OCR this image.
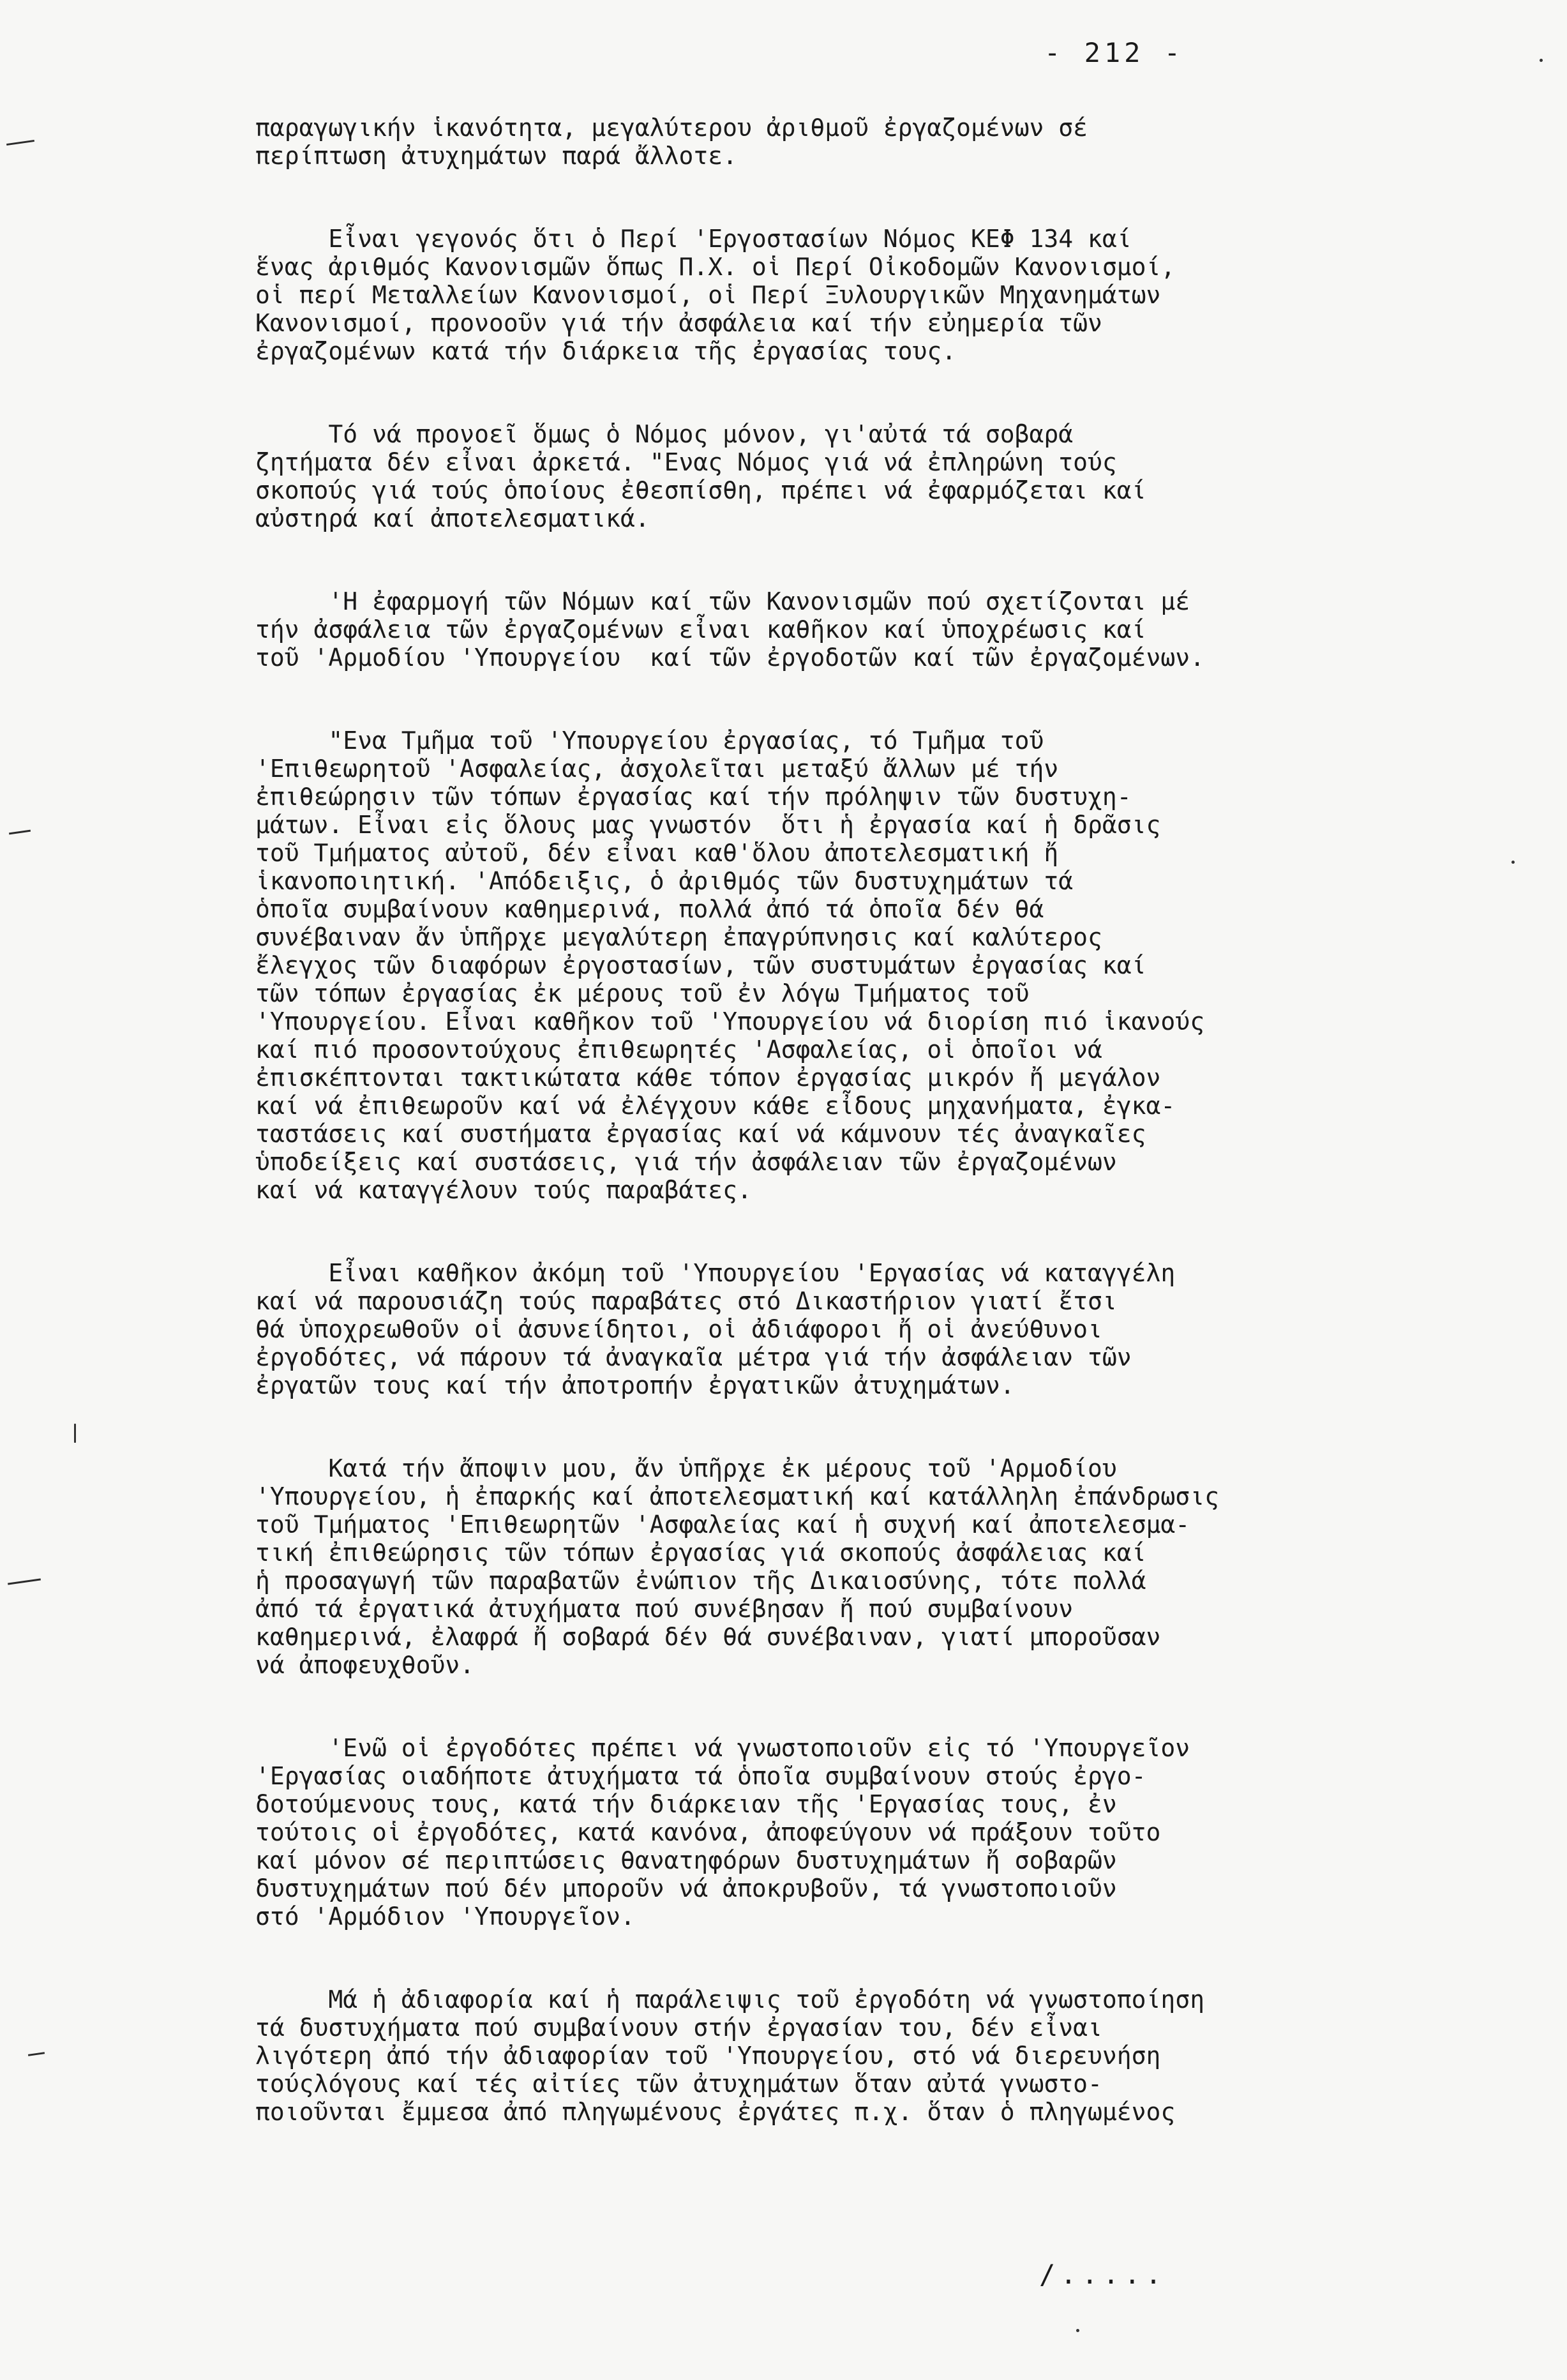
- 212 -
παραγωγικήν ἱκανότητα, μεγαλύτερου ἀριθμοῦ ἐργαζομένων σέ
περίπτωση ἀτυχημάτων παρά ἄλλοτε.
Εἶναι γεγονός ὅτι ὁ Περί 'Εργοστασίων Νόμος ΚΕΦ 134 καί
ἕνας ἀριθμός Κανονισμῶν ὅπως Π.Χ. οἱ Περί Οἰκοδομῶν Κανονισμοί,
οἱ περί Μεταλλείων Κανονισμοί, οἱ Περί Ξυλουργικῶν Μηχανημάτων
Κανονισμοί, προνοοῦν γιά τήν ἀσφάλεια καί τήν εὐημερία τῶν
ἐργαζομένων κατά τήν διάρκεια τῆς ἐργασίας τους.
Τό νά προνοεῖ ὅμως ὁ Νόμος μόνον, γι'αὐτά τά σοβαρά
ζητήματα δέν εἶναι ἀρκετά. "Ενας Νόμος γιά νά ἐπληρώνη τούς
σκοπούς γιά τούς ὁποίους ἐθεσπίσθη, πρέπει νά ἐφαρμόζεται καί
αὐστηρά καί ἀποτελεσματικά.
'Η ἐφαρμογή τῶν Νόμων καί τῶν Κανονισμῶν πού σχετίζονται μέ
τήν ἀσφάλεια τῶν ἐργαζομένων εἶναι καθῆκον καί ὑποχρέωσις καί
τοῦ 'Αρμοδίου 'Υπουργείου  καί τῶν ἐργοδοτῶν καί τῶν ἐργαζομένων.
"Ενα Τμῆμα τοῦ 'Υπουργείου ἐργασίας, τό Τμῆμα τοῦ
'Επιθεωρητοῦ 'Ασφαλείας, ἀσχολεῖται μεταξύ ἄλλων μέ τήν
ἐπιθεώρησιν τῶν τόπων ἐργασίας καί τήν πρόληψιν τῶν δυστυχη-
μάτων. Εἶναι εἰς ὅλους μας γνωστόν  ὅτι ἡ ἐργασία καί ἡ δρᾶσις
τοῦ Τμήματος αὐτοῦ, δέν εἶναι καθ'ὅλου ἀποτελεσματική ἤ
ἱκανοποιητική. 'Απόδειξις, ὁ ἀριθμός τῶν δυστυχημάτων τά
ὁποῖα συμβαίνουν καθημερινά, πολλά ἀπό τά ὁποῖα δέν θά
συνέβαιναν ἄν ὑπῆρχε μεγαλύτερη ἐπαγρύπνησις καί καλύτερος
ἔλεγχος τῶν διαφόρων ἐργοστασίων, τῶν συστυμάτων ἐργασίας καί
τῶν τόπων ἐργασίας ἐκ μέρους τοῦ ἐν λόγω Τμήματος τοῦ
'Υπουργείου. Εἶναι καθῆκον τοῦ 'Υπουργείου νά διορίση πιό ἱκανούς
καί πιό προσοντούχους ἐπιθεωρητές 'Ασφαλείας, οἱ ὁποῖοι νά
ἐπισκέπτονται τακτικώτατα κάθε τόπον ἐργασίας μικρόν ἤ μεγάλον
καί νά ἐπιθεωροῦν καί νά ἐλέγχουν κάθε εἶδους μηχανήματα, ἐγκα-
ταστάσεις καί συστήματα ἐργασίας καί νά κάμνουν τές ἀναγκαῖες
ὑποδείξεις καί συστάσεις, γιά τήν ἀσφάλειαν τῶν ἐργαζομένων
καί νά καταγγέλουν τούς παραβάτες.
Εἶναι καθῆκον ἀκόμη τοῦ 'Υπουργείου 'Εργασίας νά καταγγέλη
καί νά παρουσιάζη τούς παραβάτες στό Δικαστήριον γιατί ἔτσι
θά ὑποχρεωθοῦν οἱ ἀσυνείδητοι, οἱ ἀδιάφοροι ἤ οἱ ἀνεύθυνοι
ἐργοδότες, νά πάρουν τά ἀναγκαῖα μέτρα γιά τήν ἀσφάλειαν τῶν
ἐργατῶν τους καί τήν ἀποτροπήν ἐργατικῶν ἀτυχημάτων.
Κατά τήν ἄποψιν μου, ἄν ὑπῆρχε ἐκ μέρους τοῦ 'Αρμοδίου
'Υπουργείου, ἡ ἐπαρκής καί ἀποτελεσματική καί κατάλληλη ἐπάνδρωσις
τοῦ Τμήματος 'Επιθεωρητῶν 'Ασφαλείας καί ἡ συχνή καί ἀποτελεσμα-
τική ἐπιθεώρησις τῶν τόπων ἐργασίας γιά σκοπούς ἀσφάλειας καί
ἡ προσαγωγή τῶν παραβατῶν ἐνώπιον τῆς Δικαιοσύνης, τότε πολλά
ἀπό τά ἐργατικά ἀτυχήματα πού συνέβησαν ἤ πού συμβαίνουν
καθημερινά, ἐλαφρά ἤ σοβαρά δέν θά συνέβαιναν, γιατί μποροῦσαν
νά ἀποφευχθοῦν.
'Ενῶ οἱ ἐργοδότες πρέπει νά γνωστοποιοῦν εἰς τό 'Υπουργεῖον
'Εργασίας οιαδήποτε ἀτυχήματα τά ὁποῖα συμβαίνουν στούς ἐργο-
δοτούμενους τους, κατά τήν διάρκειαν τῆς 'Εργασίας τους, ἐν
τούτοις οἱ ἐργοδότες, κατά κανόνα, ἀποφεύγουν νά πράξουν τοῦτο
καί μόνον σέ περιπτώσεις θανατηφόρων δυστυχημάτων ἤ σοβαρῶν
δυστυχημάτων πού δέν μποροῦν νά ἀποκρυβοῦν, τά γνωστοποιοῦν
στό 'Αρμόδιον 'Υπουργεῖον.
Μά ἡ ἀδιαφορία καί ἡ παράλειψις τοῦ ἐργοδότη νά γνωστοποίηση
τά δυστυχήματα πού συμβαίνουν στήν ἐργασίαν του, δέν εἶναι
λιγότερη ἀπό τήν ἀδιαφορίαν τοῦ 'Υπουργείου, στό νά διερευνήση
τούςλόγους καί τές αἰτίες τῶν ἀτυχημάτων ὅταν αὐτά γνωστο-
ποιοῦνται ἔμμεσα ἀπό πληγωμένους ἐργάτες π.χ. ὅταν ὁ πληγωμένος
/.....
